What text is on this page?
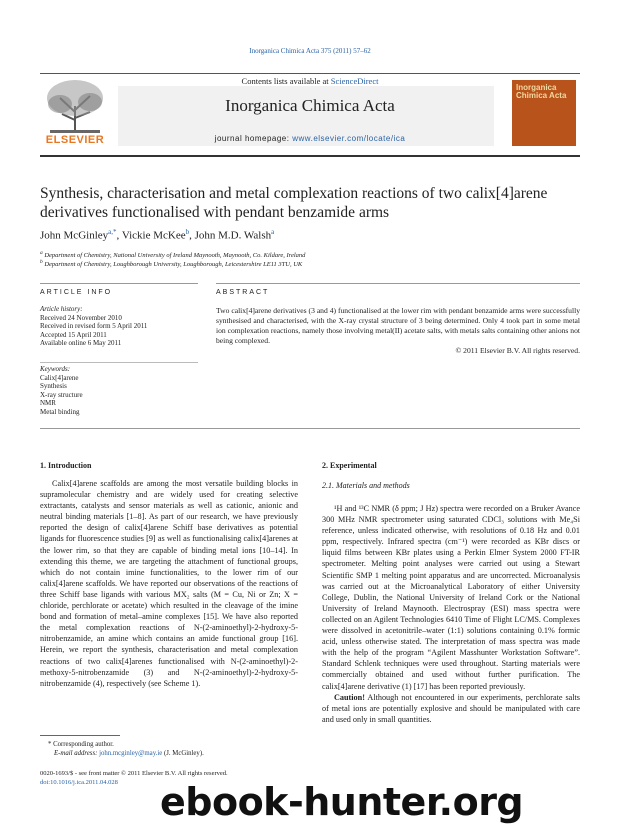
Inorganica Chimica Acta 375 (2011) 57–62
ELSEVIER
Contents lists available at ScienceDirect
Inorganica Chimica Acta
journal homepage: www.elsevier.com/locate/ica
Inorganica Chimica Acta
Synthesis, characterisation and metal complexation reactions of two calix[4]arene derivatives functionalised with pendant benzamide arms
John McGinley$^{a,*}$, Vickie McKee$^b$, John M.D. Walsh$^a$
$^a$ Department of Chemistry, National University of Ireland Maynooth, Maynooth, Co. Kildare, Ireland
$^b$ Department of Chemistry, Loughborough University, Loughborough, Leicestershire LE11 3TU, UK
ARTICLE INFO	ABSTRACT
Article history:
Received 24 November 2010
Received in revised form 5 April 2011
Accepted 15 April 2011
Available online 6 May 2011
Keywords:
Calix[4]arene
Synthesis
X-ray structure
NMR
Metal binding
Two calix[4]arene derivatives (3 and 4) functionalised at the lower rim with pendant benzamide arms were successfully synthesised and characterised, with the X-ray crystal structure of 3 being determined. Only 4 took part in some metal ion complexation reactions, namely those involving metal(II) acetate salts, with metals salts containing other anions not being complexed.
© 2011 Elsevier B.V. All rights reserved.
1. Introduction

Calix[4]arene scaffolds are among the most versatile building blocks in supramolecular chemistry and are widely used for creating selective extractants, catalysts and sensor materials as well as cationic, anionic and neutral binding materials [1–8]. As part of our research, we have previously reported the design of calix[4]arene Schiff base derivatives as potential ligands for fluorescence studies [9] as well as functionalising calix[4]arenes at the lower rim, so that they are capable of binding metal ions [10–14]. In extending this theme, we are targeting the attachment of functional groups, which do not contain imine functionalities, to the lower rim of our calix[4]arene scaffolds. We have reported our observations of the reactions of three Schiff base ligands with various MX₂ salts (M = Cu, Ni or Zn; X = chloride, perchlorate or acetate) which resulted in the cleavage of the imine bond and formation of metal–amine complexes [15]. We have also reported the metal complexation reactions of N-(2-aminoethyl)-2-hydroxy-5-nitrobenzamide, an amine which contains an amide functional group [16]. Herein, we report the synthesis, characterisation and metal complexation reactions of two calix[4]arenes functionalised with N-(2-aminoethyl)-2-methoxy-5-nitrobenzamide (3) and N-(2-aminoethyl)-2-hydroxy-5-nitrobenzamide (4), respectively (see Scheme 1).

2. Experimental
2.1. Materials and methods

¹H and ¹³C NMR (δ ppm; J Hz) spectra were recorded on a Bruker Avance 300 MHz NMR spectrometer using saturated CDCl₃ solutions with Me₄Si reference, unless indicated otherwise, with resolutions of 0.18 Hz and 0.01 ppm, respectively. Infrared spectra (cm⁻¹) were recorded as KBr discs or liquid films between KBr plates using a Perkin Elmer System 2000 FT-IR spectrometer. Melting point analyses were carried out using a Stewart Scientific SMP 1 melting point apparatus and are uncorrected. Microanalysis was carried out at the Microanalytical Laboratory of either University College, Dublin, the National University of Ireland Cork or the National University of Ireland Maynooth. Electrospray (ESI) mass spectra were collected on an Agilent Technologies 6410 Time of Flight LC/MS. Complexes were dissolved in acetonitrile–water (1:1) solutions containing 0.1% formic acid, unless otherwise stated. The interpretation of mass spectra was made with the help of the program “Agilent Masshunter Workstation Software”. Standard Schlenk techniques were used throughout. Starting materials were commercially obtained and used without further purification. The calix[4]arene derivative (1) [17] has been reported previously.

Caution! Although not encountered in our experiments, perchlorate salts of metal ions are potentially explosive and should be manipulated with care and used only in small quantities.

* Corresponding author.
E-mail address: john.mcginley@may.ie (J. McGinley).
0020-1693/$ - see front matter © 2011 Elsevier B.V. All rights reserved.
doi:10.1016/j.ica.2011.04.028	ebook-hunter.org
